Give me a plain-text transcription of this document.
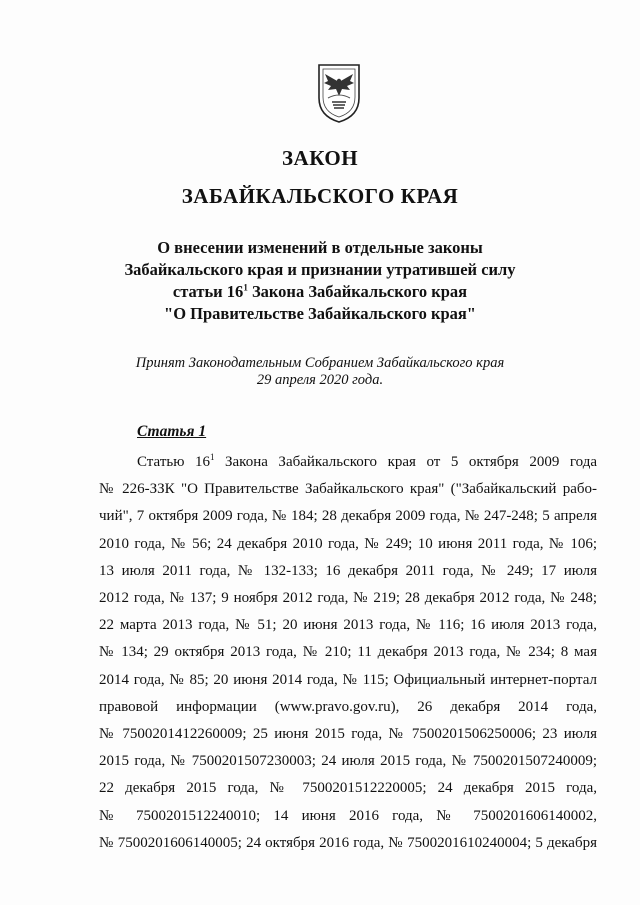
ЗАКОН
ЗАБАЙКАЛЬСКОГО КРАЯ
О внесении изменений в отдельные законы
Забайкальского края и признании утратившей силу
статьи $16^1$ Закона Забайкальского края
"О Правительстве Забайкальского края"
Принят Законодательным Собранием Забайкальского края
29 апреля 2020 года.
Статья 1
Статью $16^1$ Закона Забайкальского края от 5 октября 2009 года
№ 226-ЗЗК "О Правительстве Забайкальского края" ("Забайкальский рабо-
чий", 7 октября 2009 года, № 184; 28 декабря 2009 года, № 247-248; 5 апреля
2010 года, № 56; 24 декабря 2010 года, № 249; 10 июня 2011 года, № 106;
13 июля 2011 года, № 132-133; 16 декабря 2011 года, № 249; 17 июля
2012 года, № 137; 9 ноября 2012 года, № 219; 28 декабря 2012 года, № 248;
22 марта 2013 года, № 51; 20 июня 2013 года, № 116; 16 июля 2013 года,
№ 134; 29 октября 2013 года, № 210; 11 декабря 2013 года, № 234; 8 мая
2014 года, № 85; 20 июня 2014 года, № 115; Официальный интернет-портал
правовой информации (www.pravo.gov.ru), 26 декабря 2014 года,
№ 7500201412260009; 25 июня 2015 года, № 7500201506250006; 23 июля
2015 года, № 7500201507230003; 24 июля 2015 года, № 7500201507240009;
22 декабря 2015 года, № 7500201512220005; 24 декабря 2015 года,
№ 7500201512240010; 14 июня 2016 года, № 7500201606140002,
№ 7500201606140005; 24 октября 2016 года, № 7500201610240004; 5 декабря
